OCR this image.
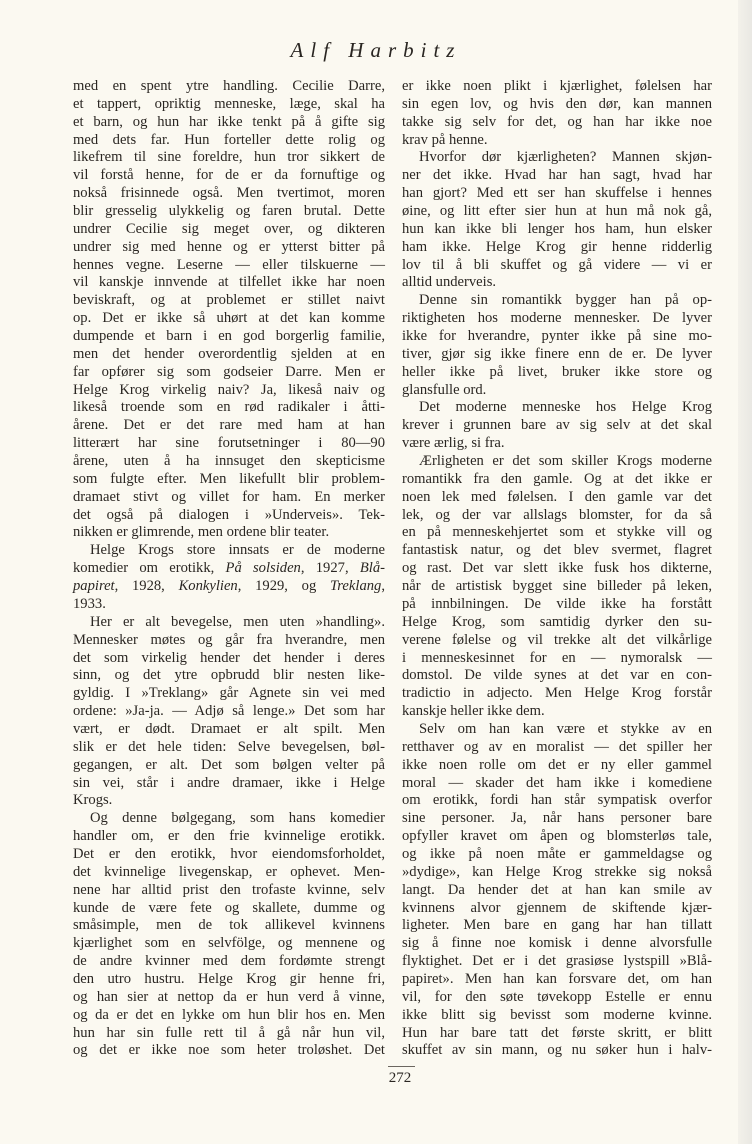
Alf Harbitz
med en spent ytre handling. Cecilie Darre,
et tappert, opriktig menneske, læge, skal ha
et barn, og hun har ikke tenkt på å gifte sig
med dets far. Hun forteller dette rolig og
likefrem til sine foreldre, hun tror sikkert de
vil forstå henne, for de er da fornuftige og
nokså frisinnede også. Men tvertimot, moren
blir gresselig ulykkelig og faren brutal. Dette
undrer Cecilie sig meget over, og dikteren
undrer sig med henne og er ytterst bitter på
hennes vegne. Leserne — eller tilskuerne —
vil kanskje innvende at tilfellet ikke har noen
beviskraft, og at problemet er stillet naivt
op. Det er ikke så uhørt at det kan komme
dumpende et barn i en god borgerlig familie,
men det hender overordentlig sjelden at en
far opfører sig som godseier Darre. Men er
Helge Krog virkelig naiv? Ja, likeså naiv og
likeså troende som en rød radikaler i åtti-
årene. Det er det rare med ham at han
litterært har sine forutsetninger i 80—90
årene, uten å ha innsuget den skepticisme
som fulgte efter. Men likefullt blir problem-
dramaet stivt og villet for ham. En merker
det også på dialogen i »Underveis». Tek-
nikken er glimrende, men ordene blir teater.
Helge Krogs store innsats er de moderne
komedier om erotikk, På solsiden, 1927, Blå-
papiret, 1928, Konkylien, 1929, og Treklang,
1933.
Her er alt bevegelse, men uten »handling».
Mennesker møtes og går fra hverandre, men
det som virkelig hender det hender i deres
sinn, og det ytre opbrudd blir nesten like-
gyldig. I »Treklang» går Agnete sin vei med
ordene: »Ja-ja. — Adjø så lenge.» Det som har
vært, er dødt. Dramaet er alt spilt. Men
slik er det hele tiden: Selve bevegelsen, bøl-
gegangen, er alt. Det som bølgen velter på
sin vei, står i andre dramaer, ikke i Helge
Krogs.
Og denne bølgegang, som hans komedier
handler om, er den frie kvinnelige erotikk.
Det er den erotikk, hvor eiendomsforholdet,
det kvinnelige livegenskap, er ophevet. Men-
nene har alltid prist den trofaste kvinne, selv
kunde de være fete og skallete, dumme og
småsimple, men de tok allikevel kvinnens
kjærlighet som en selvfölge, og mennene og
de andre kvinner med dem fordømte strengt
den utro hustru. Helge Krog gir henne fri,
og han sier at nettop da er hun verd å vinne,
og da er det en lykke om hun blir hos en. Men
hun har sin fulle rett til å gå når hun vil,
og det er ikke noe som heter troløshet. Det
er ikke noen plikt i kjærlighet, følelsen har
sin egen lov, og hvis den dør, kan mannen
takke sig selv for det, og han har ikke noe
krav på henne.
Hvorfor dør kjærligheten? Mannen skjøn-
ner det ikke. Hvad har han sagt, hvad har
han gjort? Med ett ser han skuffelse i hennes
øine, og litt efter sier hun at hun må nok gå,
hun kan ikke bli lenger hos ham, hun elsker
ham ikke. Helge Krog gir henne ridderlig
lov til å bli skuffet og gå videre — vi er
alltid underveis.
Denne sin romantikk bygger han på op-
riktigheten hos moderne mennesker. De lyver
ikke for hverandre, pynter ikke på sine mo-
tiver, gjør sig ikke finere enn de er. De lyver
heller ikke på livet, bruker ikke store og
glansfulle ord.
Det moderne menneske hos Helge Krog
krever i grunnen bare av sig selv at det skal
være ærlig, si fra.
Ærligheten er det som skiller Krogs moderne
romantikk fra den gamle. Og at det ikke er
noen lek med følelsen. I den gamle var det
lek, og der var allslags blomster, for da så
en på menneskehjertet som et stykke vill og
fantastisk natur, og det blev svermet, flagret
og rast. Det var slett ikke fusk hos dikterne,
når de artistisk bygget sine billeder på leken,
på innbilningen. De vilde ikke ha forstått
Helge Krog, som samtidig dyrker den su-
verene følelse og vil trekke alt det vilkårlige
i menneskesinnet for en — nymoralsk —
domstol. De vilde synes at det var en con-
tradictio in adjecto. Men Helge Krog forstår
kanskje heller ikke dem.
Selv om han kan være et stykke av en
retthaver og av en moralist — det spiller her
ikke noen rolle om det er ny eller gammel
moral — skader det ham ikke i komediene
om erotikk, fordi han står sympatisk overfor
sine personer. Ja, når hans personer bare
opfyller kravet om åpen og blomsterløs tale,
og ikke på noen måte er gammeldagse og
»dydige», kan Helge Krog strekke sig nokså
langt. Da hender det at han kan smile av
kvinnens alvor gjennem de skiftende kjær-
ligheter. Men bare en gang har han tillatt
sig å finne noe komisk i denne alvorsfulle
flyktighet. Det er i det grasiøse lystspill »Blå-
papiret». Men han kan forsvare det, om han
vil, for den søte tøvekopp Estelle er ennu
ikke blitt sig bevisst som moderne kvinne.
Hun har bare tatt det første skritt, er blitt
skuffet av sin mann, og nu søker hun i halv-
272
